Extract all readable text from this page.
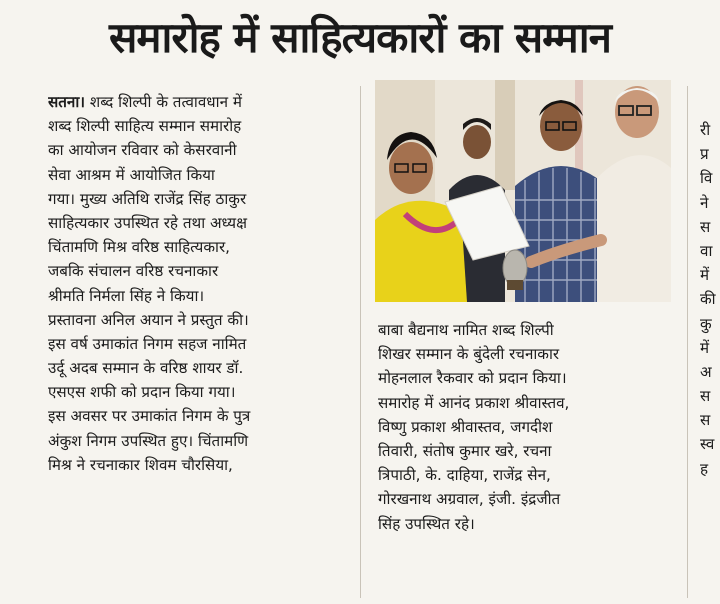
समारोह में साहित्यकारों का सम्मान
सतना। शब्द शिल्पी के तत्वावधान में
शब्द शिल्पी साहित्य सम्मान समारोह
का आयोजन रविवार को केसरवानी
सेवा आश्रम में आयोजित किया
गया। मुख्य अतिथि राजेंद्र सिंह ठाकुर
साहित्यकार उपस्थित रहे तथा अध्यक्ष
चिंतामणि मिश्र वरिष्ठ साहित्यकार,
जबकि संचालन वरिष्ठ रचनाकार
श्रीमति निर्मला सिंह ने किया।
प्रस्तावना अनिल अयान ने प्रस्तुत की।
इस वर्ष उमाकांत निगम सहज नामित
उर्दू अदब सम्मान के वरिष्ठ शायर डॉ.
एसएस शफी को प्रदान किया गया।
इस अवसर पर उमाकांत निगम के पुत्र
अंकुश निगम उपस्थित हुए। चिंतामणि
मिश्र ने रचनाकार शिवम चौरसिया,
बाबा बैद्यनाथ नामित शब्द शिल्पी
शिखर सम्मान के बुंदेली रचनाकार
मोहनलाल रैकवार को प्रदान किया।
समारोह में आनंद प्रकाश श्रीवास्तव,
विष्णु प्रकाश श्रीवास्तव, जगदीश
तिवारी, संतोष कुमार खरे, रचना
त्रिपाठी, के. दाहिया, राजेंद्र सेन,
गोरखनाथ अग्रवाल, इंजी. इंद्रजीत
सिंह उपस्थित रहे।
री
प्र
वि
ने
स
वा
में
की
कु
में
अ
स
स
स्व
ह
